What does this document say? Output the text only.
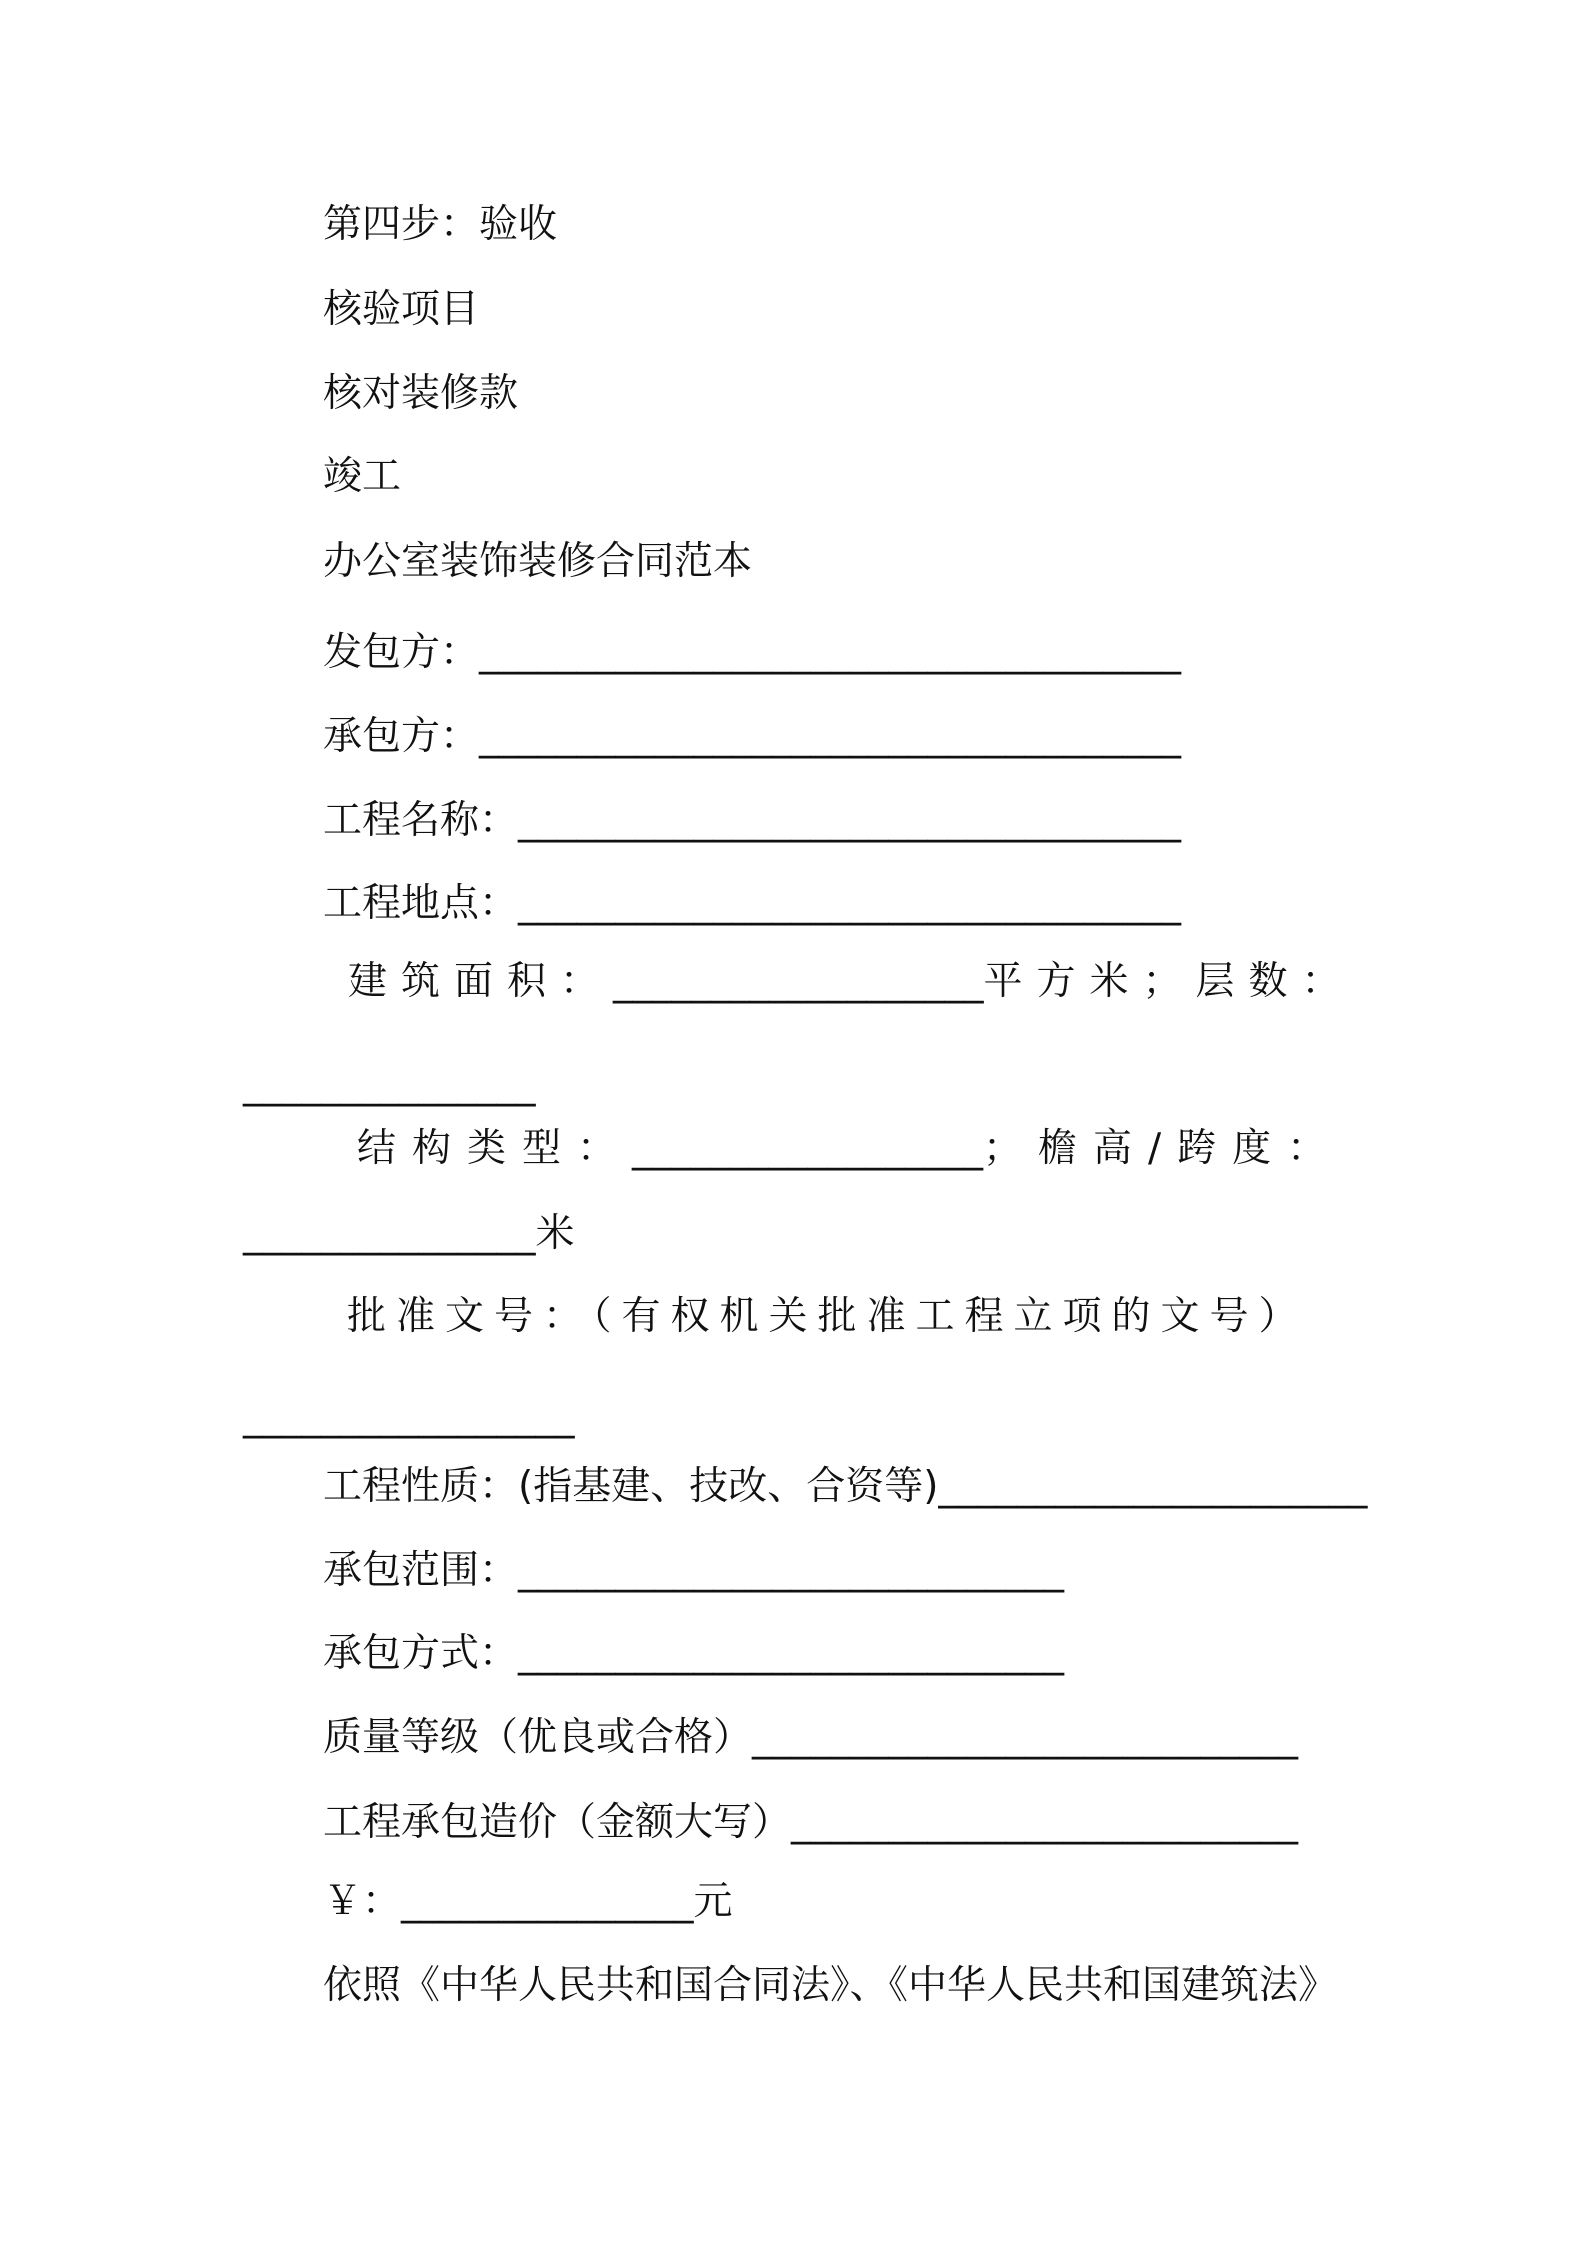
第四步：验收
核验项目
核对装修款
竣工
办公室装饰装修合同范本
发包方：____________________________________
承包方：____________________________________
工程名称：__________________________________
工程地点：__________________________________
建筑面积：___________________平方米；层数：
_______________
结构类型：__________________；檐高/跨度：
_______________米
批准文号：（有权机关批准工程立项的文号）
_________________
工程性质：(指基建、技改、合资等)______________________
承包范围：____________________________
承包方式：____________________________
质量等级（优良或合格）____________________________
工程承包造价（金额大写）__________________________
￥：_______________元
依照《中华人民共和国合同法》、《中华人民共和国建筑法》
